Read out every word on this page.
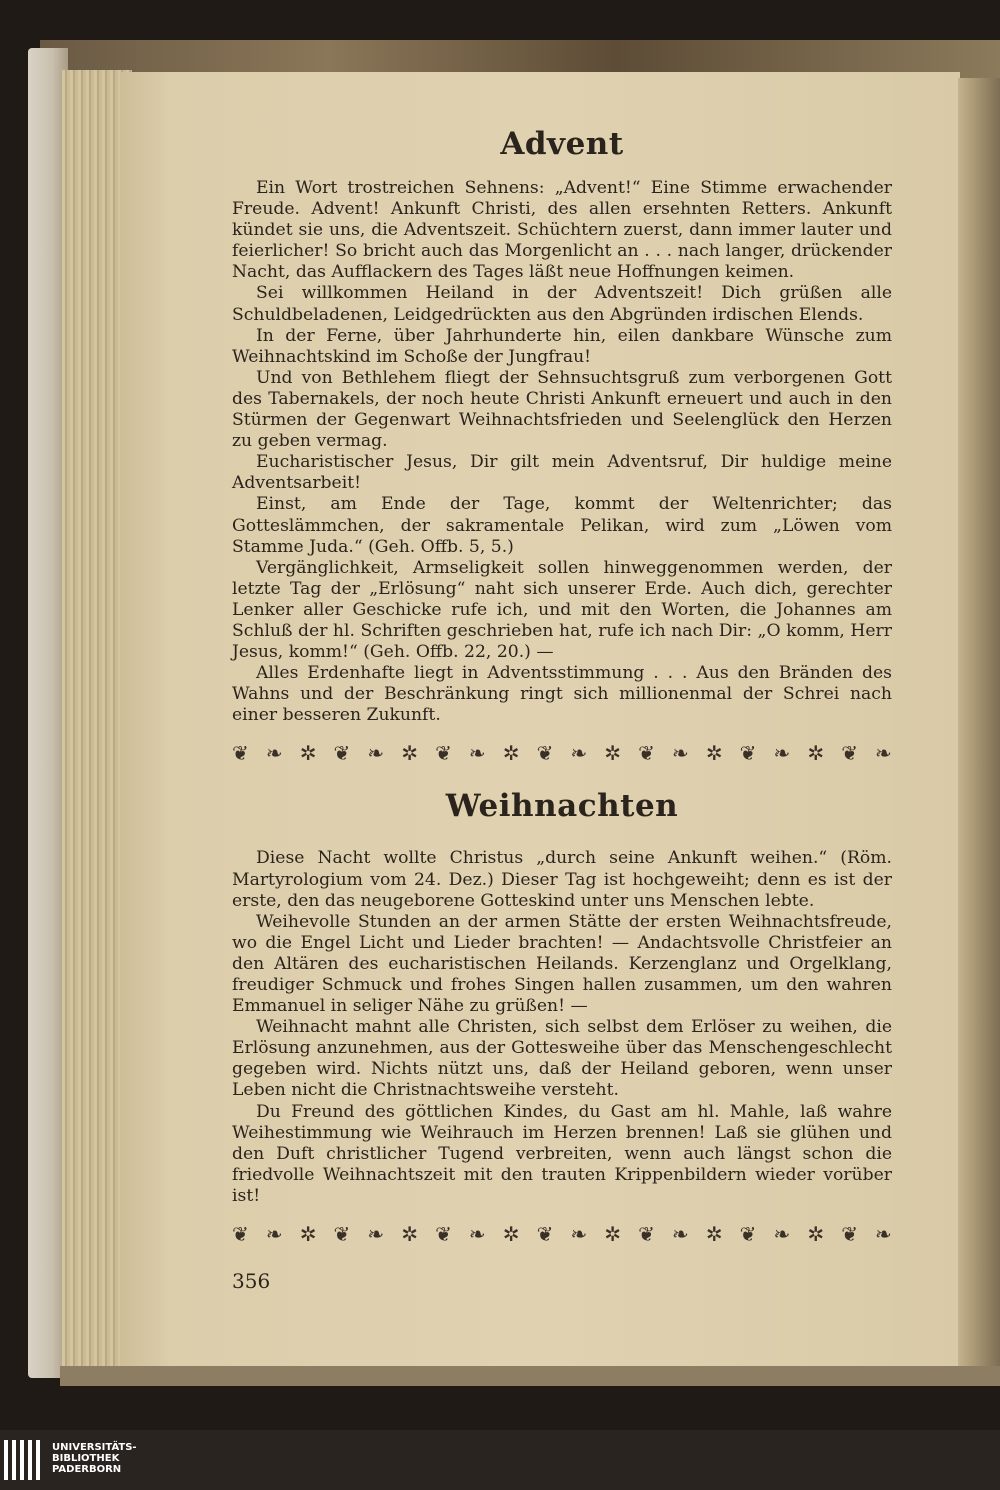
Advent

Ein Wort trostreichen Sehnens: „Advent!“ Eine Stimme erwachender Freude. Advent! Ankunft Christi, des allen ersehnten Retters. Ankunft kündet sie uns, die Adventszeit. Schüchtern zuerst, dann immer lauter und feierlicher! So bricht auch das Morgenlicht an . . . nach langer, drückender Nacht, das Aufflackern des Tages läßt neue Hoffnungen keimen.

Sei willkommen Heiland in der Adventszeit! Dich grüßen alle Schuldbeladenen, Leidgedrückten aus den Abgründen irdischen Elends.

In der Ferne, über Jahrhunderte hin, eilen dankbare Wünsche zum Weihnachtskind im Schoße der Jungfrau!

Und von Bethlehem fliegt der Sehnsuchtsgruß zum verborgenen Gott des Tabernakels, der noch heute Christi Ankunft erneuert und auch in den Stürmen der Gegenwart Weihnachtsfrieden und Seelenglück den Herzen zu geben vermag.

Eucharistischer Jesus, Dir gilt mein Adventsruf, Dir huldige meine Adventsarbeit!

Einst, am Ende der Tage, kommt der Weltenrichter; das Gotteslämmchen, der sakramentale Pelikan, wird zum „Löwen vom Stamme Juda.“ (Geh. Offb. 5, 5.)

Vergänglichkeit, Armseligkeit sollen hinweggenommen werden, der letzte Tag der „Erlösung“ naht sich unserer Erde. Auch dich, gerechter Lenker aller Geschicke rufe ich, und mit den Worten, die Johannes am Schluß der hl. Schriften geschrieben hat, rufe ich nach Dir: „O komm, Herr Jesus, komm!“ (Geh. Offb. 22, 20.) —

Alles Erdenhafte liegt in Adventsstimmung . . . Aus den Bränden des Wahns und der Beschränkung ringt sich millionenmal der Schrei nach einer besseren Zukunft.

❦ ❧ ✲ ❦ ❧ ✲ ❦ ❧ ✲ ❦ ❧ ✲ ❦ ❧ ✲ ❦ ❧ ✲ ❦ ❧
Weihnachten

Diese Nacht wollte Christus „durch seine Ankunft weihen.“ (Röm. Martyrologium vom 24. Dez.) Dieser Tag ist hochgeweiht; denn es ist der erste, den das neugeborene Gotteskind unter uns Menschen lebte.

Weihevolle Stunden an der armen Stätte der ersten Weihnachtsfreude, wo die Engel Licht und Lieder brachten! — Andachtsvolle Christfeier an den Altären des eucharistischen Heilands. Kerzenglanz und Orgelklang, freudiger Schmuck und frohes Singen hallen zusammen, um den wahren Emmanuel in seliger Nähe zu grüßen! —

Weihnacht mahnt alle Christen, sich selbst dem Erlöser zu weihen, die Erlösung anzunehmen, aus der Gottesweihe über das Menschengeschlecht gegeben wird. Nichts nützt uns, daß der Heiland geboren, wenn unser Leben nicht die Christnachtsweihe versteht.

Du Freund des göttlichen Kindes, du Gast am hl. Mahle, laß wahre Weihestimmung wie Weihrauch im Herzen brennen! Laß sie glühen und den Duft christlicher Tugend verbreiten, wenn auch längst schon die friedvolle Weihnachtszeit mit den trauten Krippenbildern wieder vorüber ist!

❦ ❧ ✲ ❦ ❧ ✲ ❦ ❧ ✲ ❦ ❧ ✲ ❦ ❧ ✲ ❦ ❧ ✲ ❦ ❧
356
UNIVERSITÄTS-
BIBLIOTHEK
PADERBORN
